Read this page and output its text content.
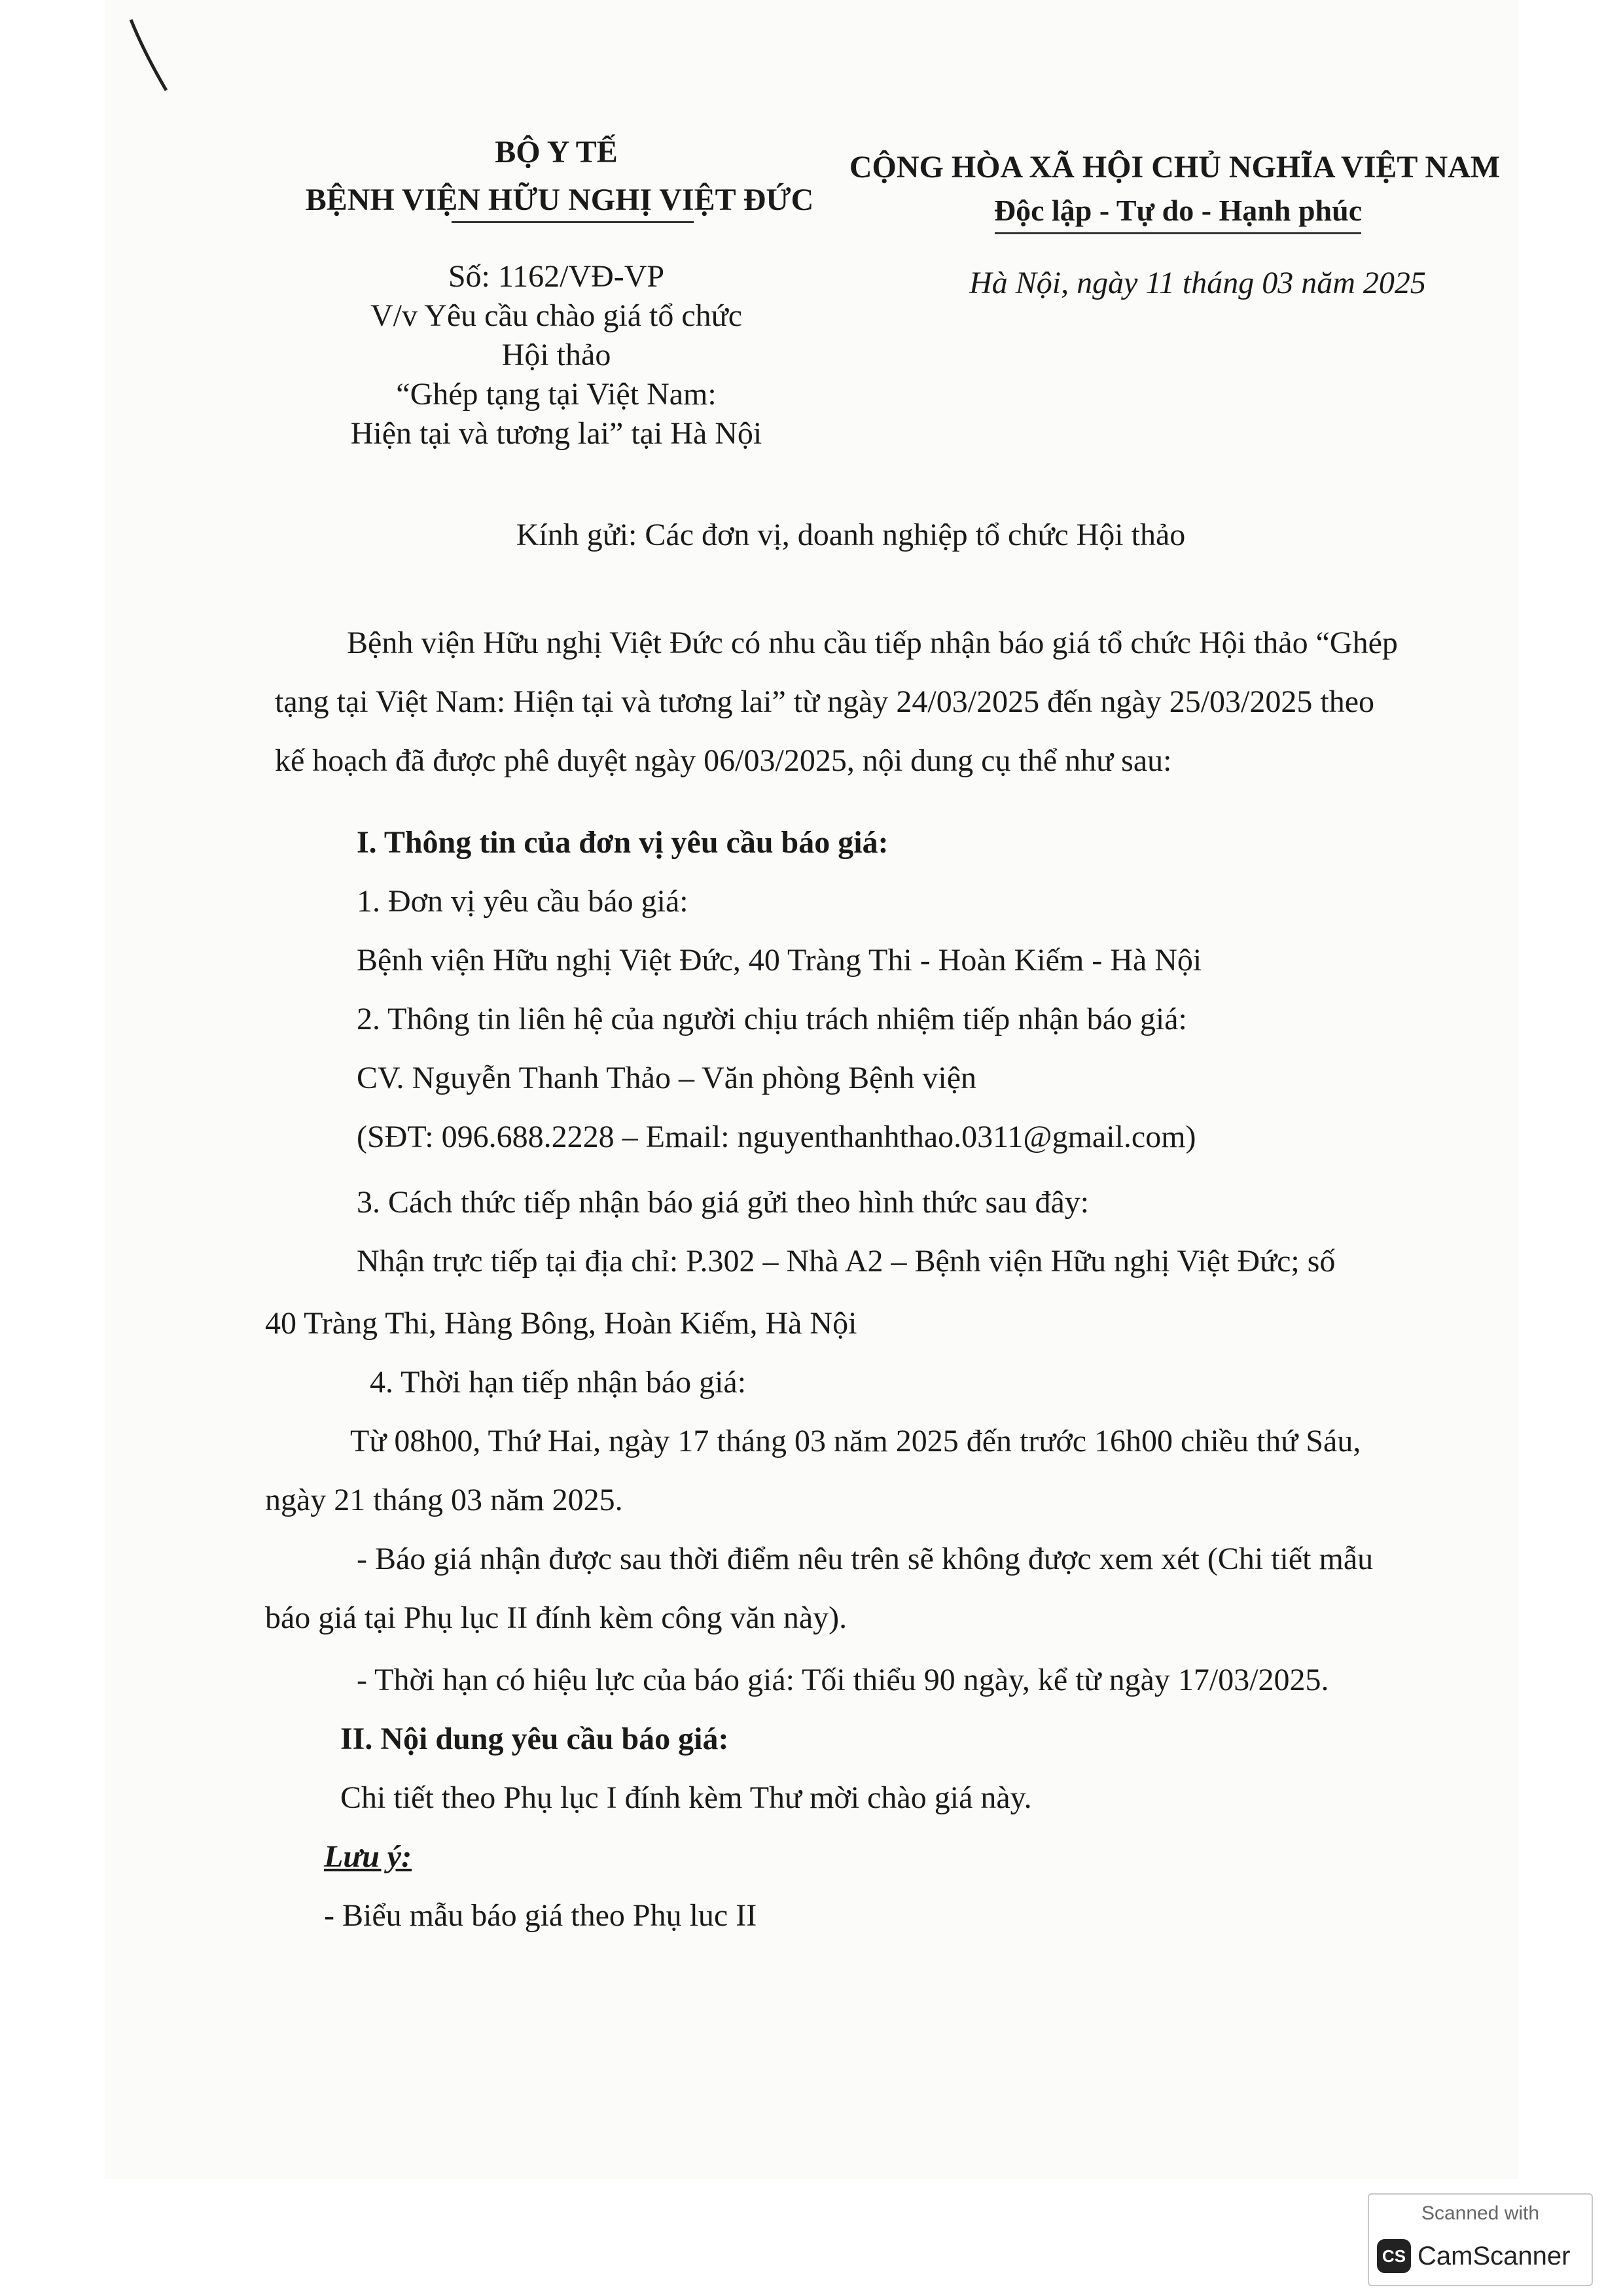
BỘ Y TẾ
BỆNH VIỆN HỮU NGHỊ VIỆT ĐỨC
Số: 1162/VĐ-VP
V/v Yêu cầu chào giá tổ chức
Hội thảo
“Ghép tạng tại Việt Nam:
Hiện tại và tương lai” tại Hà Nội
CỘNG HÒA XÃ HỘI CHỦ NGHĨA VIỆT NAM
Độc lập - Tự do - Hạnh phúc
Hà Nội, ngày 11 tháng 03 năm 2025
Kính gửi: Các đơn vị, doanh nghiệp tổ chức Hội thảo
Bệnh viện Hữu nghị Việt Đức có nhu cầu tiếp nhận báo giá tổ chức Hội thảo “Ghép
tạng tại Việt Nam: Hiện tại và tương lai” từ ngày 24/03/2025 đến ngày 25/03/2025 theo
kế hoạch đã được phê duyệt ngày 06/03/2025, nội dung cụ thể như sau:
I. Thông tin của đơn vị yêu cầu báo giá:
1. Đơn vị yêu cầu báo giá:
Bệnh viện Hữu nghị Việt Đức, 40 Tràng Thi - Hoàn Kiếm - Hà Nội
2. Thông tin liên hệ của người chịu trách nhiệm tiếp nhận báo giá:
CV. Nguyễn Thanh Thảo – Văn phòng Bệnh viện
(SĐT: 096.688.2228 – Email: nguyenthanhthao.0311@gmail.com)
3. Cách thức tiếp nhận báo giá gửi theo hình thức sau đây:
Nhận trực tiếp tại địa chỉ: P.302 – Nhà A2 – Bệnh viện Hữu nghị Việt Đức; số
40 Tràng Thi, Hàng Bông, Hoàn Kiếm, Hà Nội
4. Thời hạn tiếp nhận báo giá:
Từ 08h00, Thứ Hai, ngày 17 tháng 03 năm 2025 đến trước 16h00 chiều thứ Sáu,
ngày 21 tháng 03 năm 2025.
- Báo giá nhận được sau thời điểm nêu trên sẽ không được xem xét (Chi tiết mẫu
báo giá tại Phụ lục II đính kèm công văn này).
- Thời hạn có hiệu lực của báo giá: Tối thiểu 90 ngày, kể từ ngày 17/03/2025.
II. Nội dung yêu cầu báo giá:
Chi tiết theo Phụ lục I đính kèm Thư mời chào giá này.
Lưu ý:
- Biểu mẫu báo giá theo Phụ luc II
Scanned with
CS CamScanner
